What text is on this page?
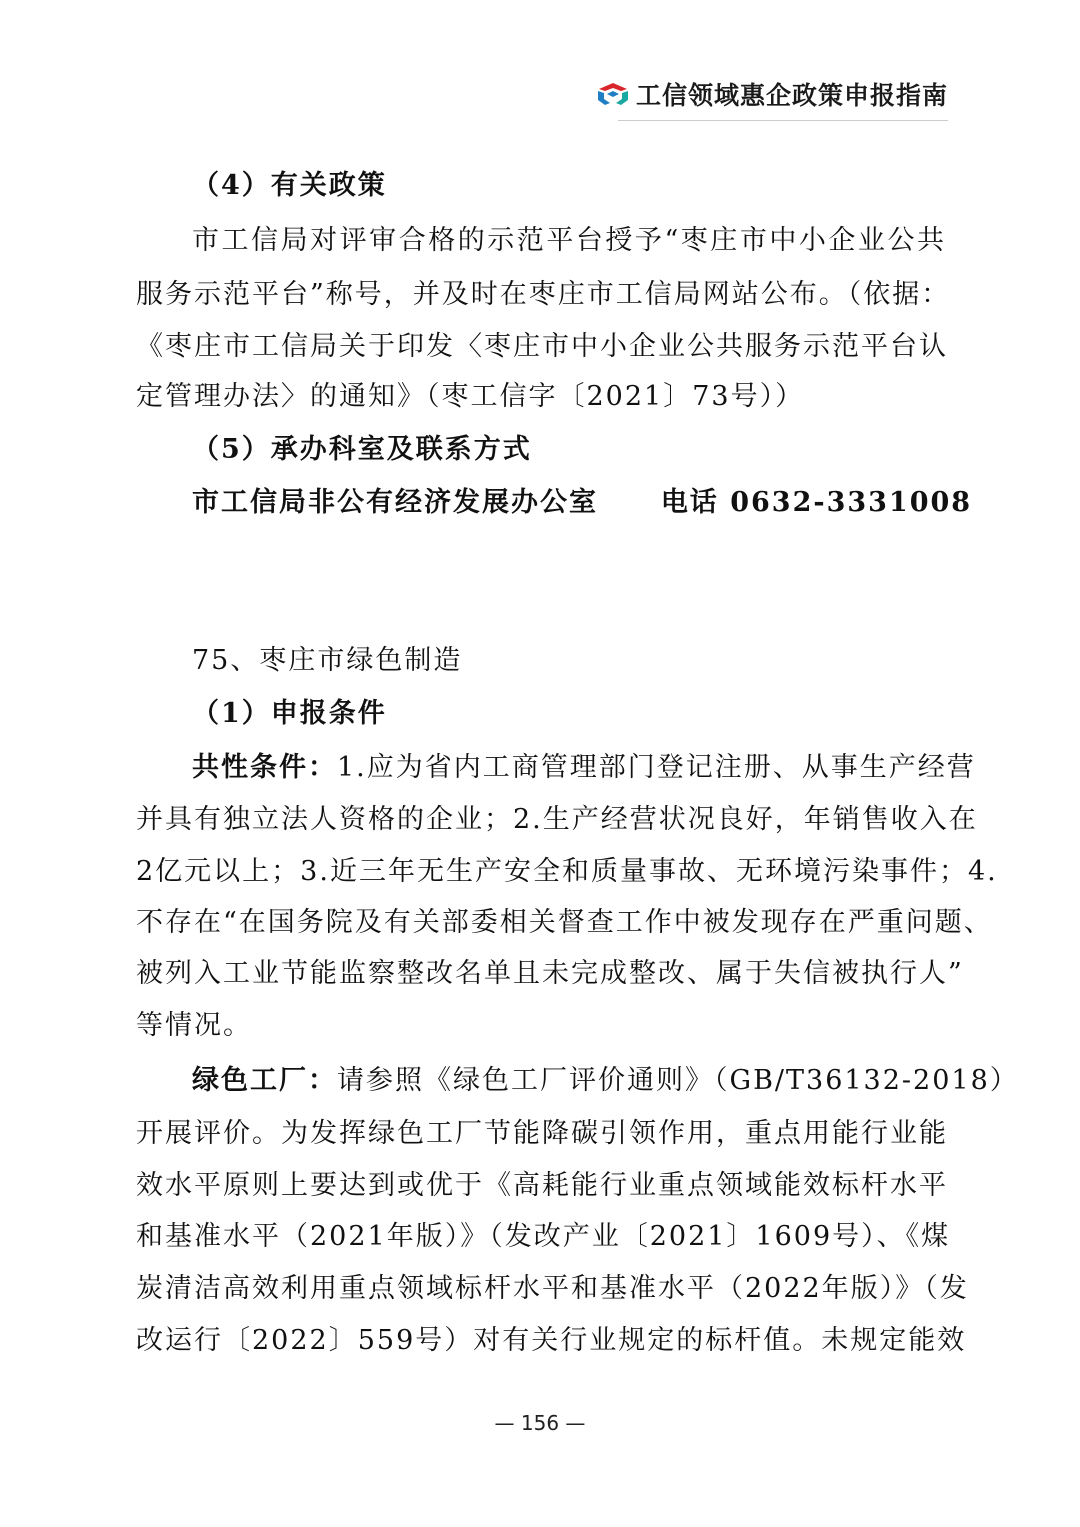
工信领域惠企政策申报指南
（4）有关政策
市工信局对评审合格的示范平台授予“枣庄市中小企业公共
服务示范平台”称号，并及时在枣庄市工信局网站公布。（依据：
《枣庄市工信局关于印发〈枣庄市中小企业公共服务示范平台认
定管理办法〉的通知》（枣工信字〔2021〕73号））
（5）承办科室及联系方式
市工信局非公有经济发展办公室 电话 0632-3331008
75、枣庄市绿色制造
（1）申报条件
共性条件：1.应为省内工商管理部门登记注册、从事生产经营
并具有独立法人资格的企业；2.生产经营状况良好，年销售收入在
2亿元以上；3.近三年无生产安全和质量事故、无环境污染事件；4.
不存在“在国务院及有关部委相关督查工作中被发现存在严重问题、
被列入工业节能监察整改名单且未完成整改、属于失信被执行人”
等情况。
绿色工厂：请参照《绿色工厂评价通则》（GB/T36132-2018）
开展评价。为发挥绿色工厂节能降碳引领作用，重点用能行业能
效水平原则上要达到或优于《高耗能行业重点领域能效标杆水平
和基准水平（2021年版）》（发改产业〔2021〕1609号）、《煤
炭清洁高效利用重点领域标杆水平和基准水平（2022年版）》（发
改运行〔2022〕559号）对有关行业规定的标杆值。未规定能效
— 156 —
